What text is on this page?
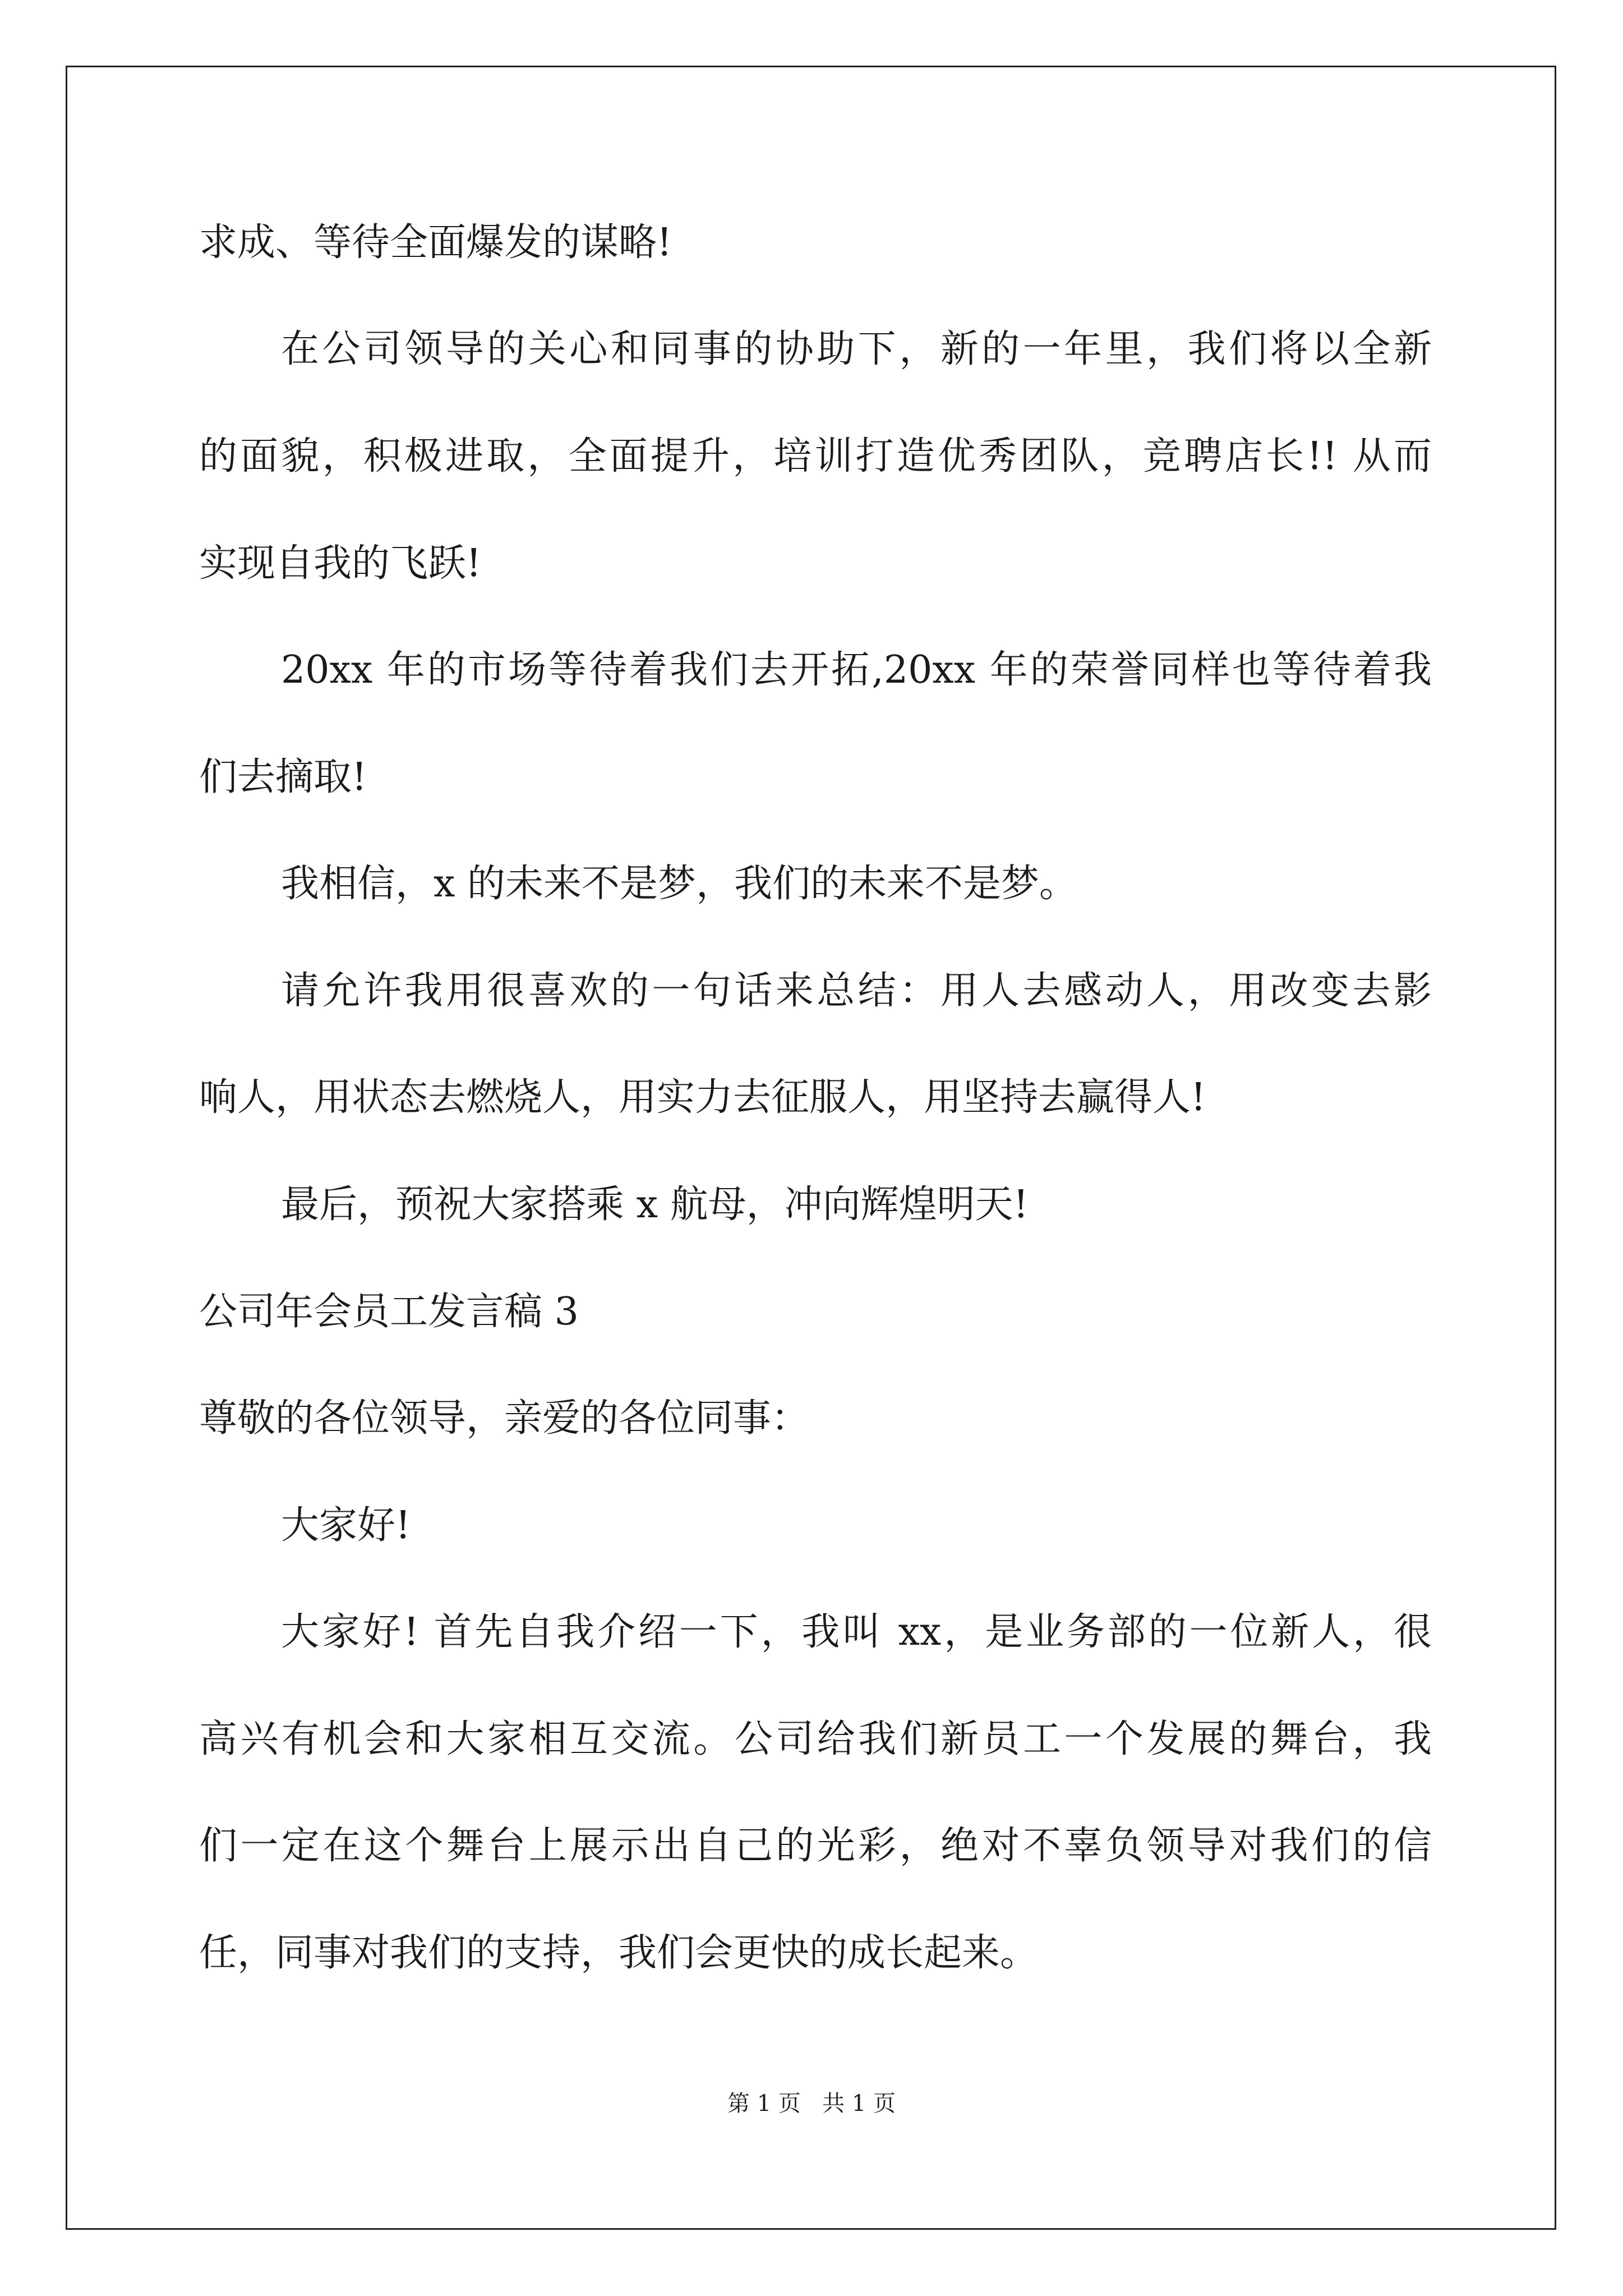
求成、等待全面爆发的谋略!
在公司领导的关心和同事的协助下，新的一年里，我们将以全新
的面貌，积极进取，全面提升，培训打造优秀团队，竞聘店长!! 从而
实现自我的飞跃!
20xx 年的市场等待着我们去开拓,20xx 年的荣誉同样也等待着我
们去摘取!
我相信，x 的未来不是梦，我们的未来不是梦。
请允许我用很喜欢的一句话来总结：用人去感动人，用改变去影
响人，用状态去燃烧人，用实力去征服人，用坚持去赢得人!
最后，预祝大家搭乘 x 航母，冲向辉煌明天!
公司年会员工发言稿 3
尊敬的各位领导，亲爱的各位同事：
大家好!
大家好! 首先自我介绍一下，我叫 xx，是业务部的一位新人，很
高兴有机会和大家相互交流。公司给我们新员工一个发展的舞台，我
们一定在这个舞台上展示出自己的光彩，绝对不辜负领导对我们的信
任，同事对我们的支持，我们会更快的成长起来。
第 1 页   共 1 页
